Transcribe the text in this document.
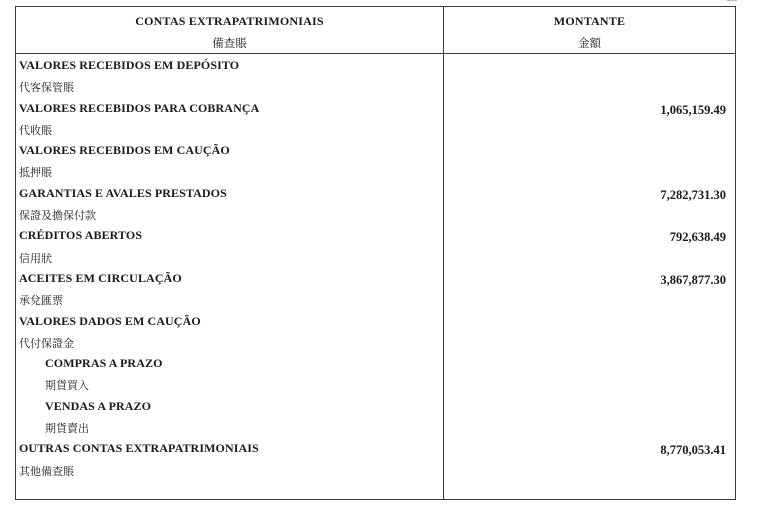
CONTAS EXTRAPATRIMONIAIS
備查賬
MONTANTE
金額
VALORES RECEBIDOS EM DEPÓSITO
代客保管賬
VALORES RECEBIDOS PARA COBRANÇA	1,065,159.49
代收賬
VALORES RECEBIDOS EM CAUÇÃO
抵押賬
GARANTIAS E AVALES PRESTADOS	7,282,731.30
保證及擔保付款
CRÉDITOS ABERTOS	792,638.49
信用狀
ACEITES EM CIRCULAÇÃO	3,867,877.30
承兌匯票
VALORES DADOS EM CAUÇÃO
代付保證金
COMPRAS A PRAZO
期貨買入
VENDAS A PRAZO
期貨賣出
OUTRAS CONTAS EXTRAPATRIMONIAIS	8,770,053.41
其他備查賬
